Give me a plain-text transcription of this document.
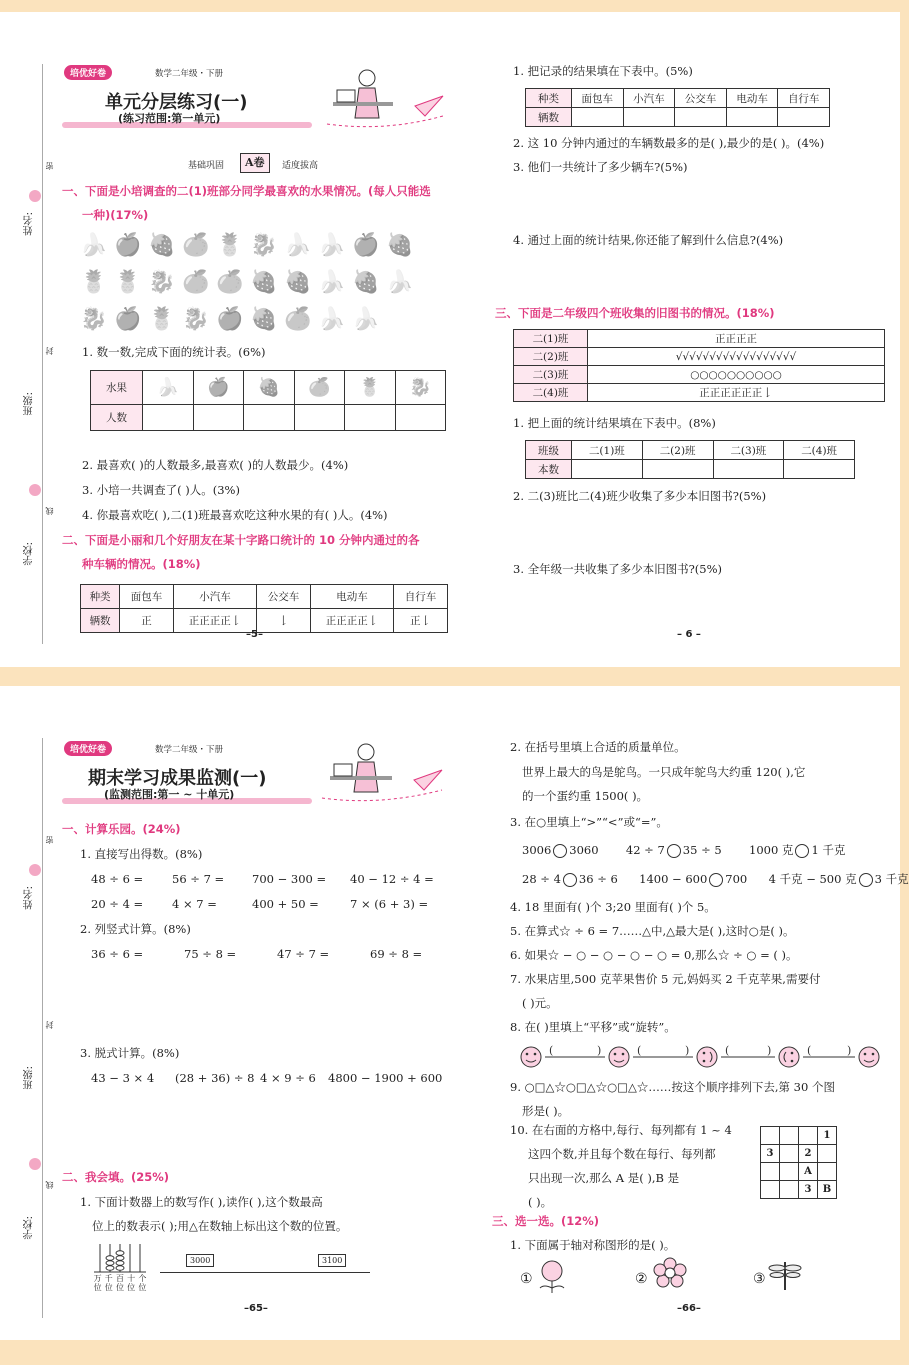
姓名:
班级:
学校:
密
封
线
培优好卷	数学二年级・下册
单元分层练习(一)
(练习范围:第一单元)
基础巩固	A卷	适度拔高
一、下面是小培调查的二(1)班部分同学最喜欢的水果情况。(每人只能选
一种)(17%)
🍌 🍎 🍓 🍊 🍍 🐉 🍌 🍌 🍎 🍓
🍍 🍍 🐉 🍊 🍊 🍓 🍓 🍌 🍓 🍌
🐉 🍎 🍍 🐉 🍎 🍓 🍊 🍌 🍌
1. 数一数,完成下面的统计表。(6%)
水果	🍌	🍎	🍓	🍊	🍍	🐉
人数						
2. 最喜欢( )的人数最多,最喜欢( )的人数最少。(4%)
3. 小培一共调查了( )人。(3%)
4. 你最喜欢吃( ),二(1)班最喜欢吃这种水果的有( )人。(4%)
二、下面是小丽和几个好朋友在某十字路口统计的 10 分钟内通过的各
种车辆的情况。(18%)
种类	面包车	小汽车	公交车	电动车	自行车
辆数	正	正正正正𠄌	𠄌	正正正正𠄌	正𠄌
–5–
1. 把记录的结果填在下表中。(5%)
种类	面包车	小汽车	公交车	电动车	自行车
辆数					
2. 这 10 分钟内通过的车辆数最多的是( ),最少的是( )。(4%)
3. 他们一共统计了多少辆车?(5%)
4. 通过上面的统计结果,你还能了解到什么信息?(4%)
三、下面是二年级四个班收集的旧图书的情况。(18%)
二(1)班	正正正正
二(2)班	√√√√√√√√√√√√√√√√√√
二(3)班	○○○○○○○○○○
二(4)班	正正正正正正𠄌
1. 把上面的统计结果填在下表中。(8%)
班级	二(1)班	二(2)班	二(3)班	二(4)班
本数				
2. 二(3)班比二(4)班少收集了多少本旧图书?(5%)
3. 全年级一共收集了多少本旧图书?(5%)
– 6 –
姓名:
班级:
学校:
密
封
线
培优好卷	数学二年级・下册
期末学习成果监测(一)
(监测范围:第一 ~ 十单元)
一、计算乐园。(24%)
1. 直接写出得数。(8%)
48 ÷ 6 =	56 ÷ 7 = 700 − 300 = 40 − 12 ÷ 4 =
20 ÷ 4 =	4 × 7 =	400 + 50 =	7 × (6 + 3) =
2. 列竖式计算。(8%)
36 ÷ 6 =	75 ÷ 8 =	47 ÷ 7 =	69 ÷ 8 =
3. 脱式计算。(8%)
43 − 3 × 4 (28 + 36) ÷ 8 4 × 9 ÷ 6 4800 − 1900 + 600
二、我会填。(25%)
1. 下面计数器上的数写作( ),读作( ),这个数最高
位上的数表示( );用△在数轴上标出这个数的位置。
万位
千位
百位
十位
个位
3000	3100
–65–
2. 在括号里填上合适的质量单位。
世界上最大的鸟是鸵鸟。一只成年鸵鸟大约重 120( ),它
的一个蛋约重 1500( )。
3. 在○里填上“>”“<”或“=”。
3006 3060 42 ÷ 7 35 ÷ 5 1000 克 1 千克
28 ÷ 4 36 ÷ 6 1400 − 600 700 4 千克 − 500 克 3 千克
4. 18 里面有( )个 3;20 里面有( )个 5。
5. 在算式☆ ÷ 6 = 7……△中,△最大是( ),这时○是( )。
6. 如果☆ − ○ − ○ − ○ − ○ = 0,那么☆ ÷ ○ = ( )。
7. 水果店里,500 克苹果售价 5 元,妈妈买 2 千克苹果,需要付
( )元。
8. 在( )里填上“平移”或“旋转”。
(	)	(	)	(	)	(	)
9. ○□△☆○□△☆○□△☆……按这个顺序排列下去,第 30 个图
形是( )。
10. 在右面的方格中,每行、每列都有 1 ~ 4
这四个数,并且每个数在每行、每列都
只出现一次,那么 A 是( ),B 是
( )。
			1
3		2	
		A	
		3	B
三、选一选。(12%)
1. 下面属于轴对称图形的是( )。
①	②	③
–66–
